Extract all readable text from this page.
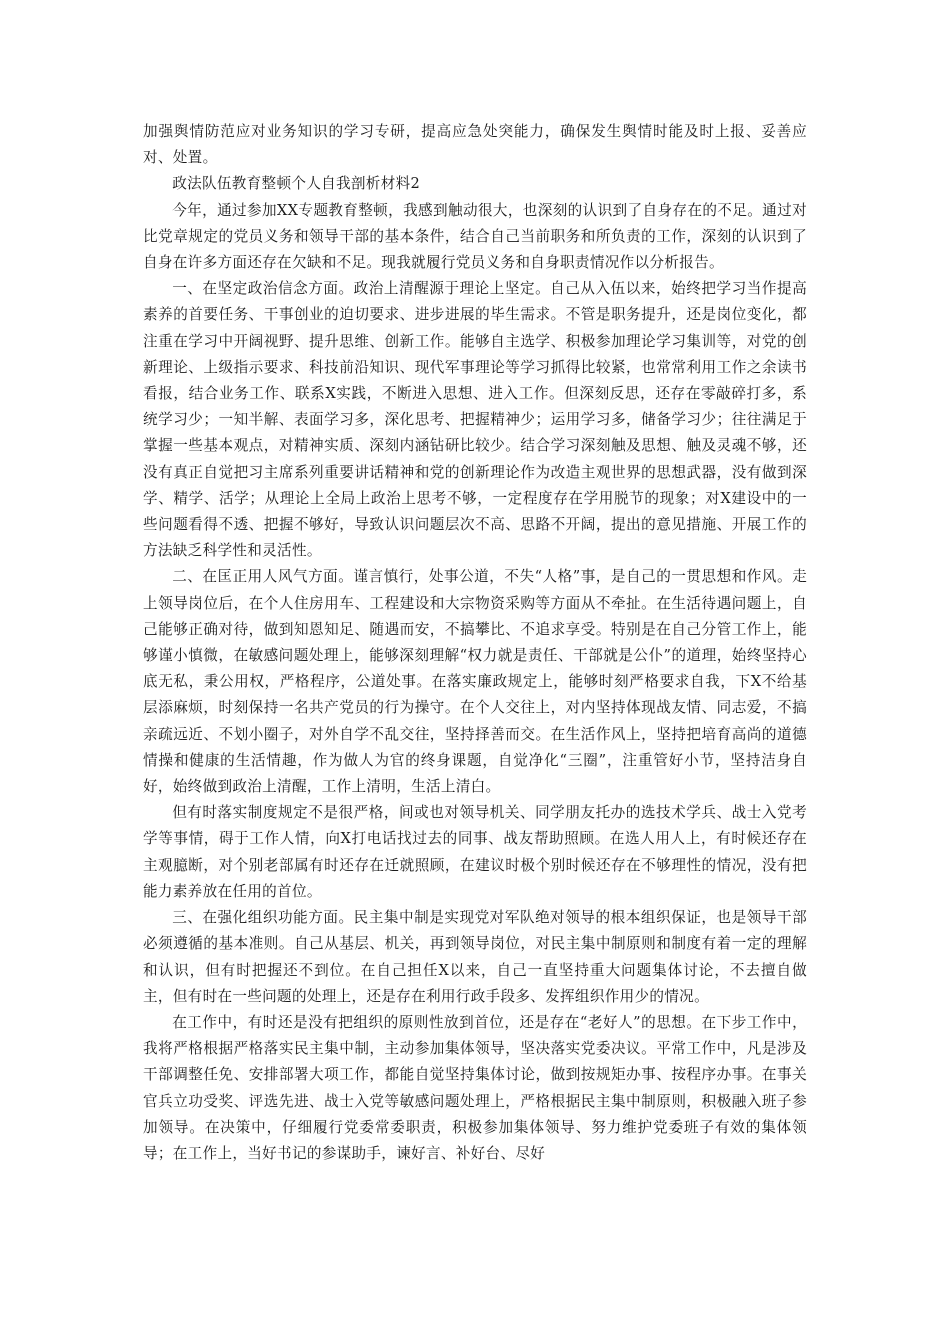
加强舆情防范应对业务知识的学习专研，提高应急处突能力，确保发生舆情时能及时上报、妥善应对、处置。

政法队伍教育整顿个人自我剖析材料2

今年，通过参加XX专题教育整顿，我感到触动很大，也深刻的认识到了自身存在的不足。通过对比党章规定的党员义务和领导干部的基本条件，结合自己当前职务和所负责的工作，深刻的认识到了自身在许多方面还存在欠缺和不足。现我就履行党员义务和自身职责情况作以分析报告。

一、在坚定政治信念方面。政治上清醒源于理论上坚定。自己从入伍以来，始终把学习当作提高素养的首要任务、干事创业的迫切要求、进步进展的毕生需求。不管是职务提升，还是岗位变化，都注重在学习中开阔视野、提升思维、创新工作。能够自主选学、积极参加理论学习集训等，对党的创新理论、上级指示要求、科技前沿知识、现代军事理论等学习抓得比较紧，也常常利用工作之余读书看报，结合业务工作、联系X实践，不断进入思想、进入工作。但深刻反思，还存在零敲碎打多，系统学习少；一知半解、表面学习多，深化思考、把握精神少；运用学习多，储备学习少；往往满足于掌握一些基本观点，对精神实质、深刻内涵钻研比较少。结合学习深刻触及思想、触及灵魂不够，还没有真正自觉把习主席系列重要讲话精神和党的创新理论作为改造主观世界的思想武器，没有做到深学、精学、活学；从理论上全局上政治上思考不够，一定程度存在学用脱节的现象；对X建设中的一些问题看得不透、把握不够好，导致认识问题层次不高、思路不开阔，提出的意见措施、开展工作的方法缺乏科学性和灵活性。

二、在匡正用人风气方面。谨言慎行，处事公道，不失“人格”事，是自己的一贯思想和作风。走上领导岗位后，在个人住房用车、工程建设和大宗物资采购等方面从不牵扯。在生活待遇问题上，自己能够正确对待，做到知恩知足、随遇而安，不搞攀比、不追求享受。特别是在自己分管工作上，能够谨小慎微，在敏感问题处理上，能够深刻理解“权力就是责任、干部就是公仆”的道理，始终坚持心底无私，秉公用权，严格程序，公道处事。在落实廉政规定上，能够时刻严格要求自我，下X不给基层添麻烦，时刻保持一名共产党员的行为操守。在个人交往上，对内坚持体现战友情、同志爱，不搞亲疏远近、不划小圈子，对外自学不乱交往，坚持择善而交。在生活作风上，坚持把培育高尚的道德情操和健康的生活情趣，作为做人为官的终身课题，自觉净化“三圈”，注重管好小节，坚持洁身自好，始终做到政治上清醒，工作上清明，生活上清白。

但有时落实制度规定不是很严格，间或也对领导机关、同学朋友托办的选技术学兵、战士入党考学等事情，碍于工作人情，向X打电话找过去的同事、战友帮助照顾。在选人用人上，有时候还存在主观臆断，对个别老部属有时还存在迁就照顾，在建议时极个别时候还存在不够理性的情况，没有把能力素养放在任用的首位。

三、在强化组织功能方面。民主集中制是实现党对军队绝对领导的根本组织保证，也是领导干部必须遵循的基本准则。自己从基层、机关，再到领导岗位，对民主集中制原则和制度有着一定的理解和认识，但有时把握还不到位。在自己担任X以来，自己一直坚持重大问题集体讨论，不去擅自做主，但有时在一些问题的处理上，还是存在利用行政手段多、发挥组织作用少的情况。

在工作中，有时还是没有把组织的原则性放到首位，还是存在“老好人”的思想。在下步工作中，我将严格根据严格落实民主集中制，主动参加集体领导，坚决落实党委决议。平常工作中，凡是涉及干部调整任免、安排部署大项工作，都能自觉坚持集体讨论，做到按规矩办事、按程序办事。在事关官兵立功受奖、评选先进、战士入党等敏感问题处理上，严格根据民主集中制原则，积极融入班子参加领导。在决策中，仔细履行党委常委职责，积极参加集体领导、努力维护党委班子有效的集体领导；在工作上，当好书记的参谋助手，谏好言、补好台、尽好
